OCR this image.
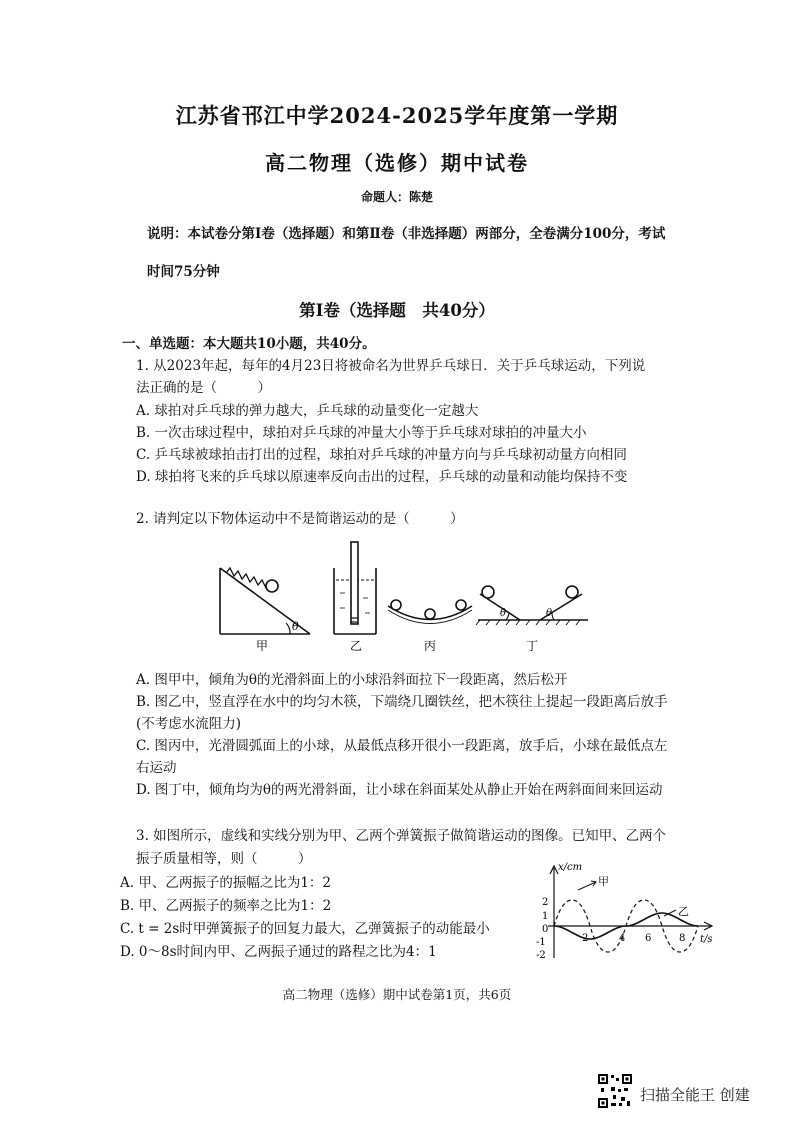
江苏省邗江中学2024-2025学年度第一学期
高二物理（选修）期中试卷
命题人：陈楚
说明：本试卷分第Ⅰ卷（选择题）和第Ⅱ卷（非选择题）两部分，全卷满分100分，考试
时间75分钟
第Ⅰ卷（选择题　共40分）
一、单选题：本大题共10小题，共40分。
1. 从2023年起，每年的4月23日将被命名为世界乒乓球日．关于乒乓球运动，下列说
法正确的是（　　　）
A. 球拍对乒乓球的弹力越大，乒乓球的动量变化一定越大
B. 一次击球过程中，球拍对乒乓球的冲量大小等于乒乓球对球拍的冲量大小
C. 乒乓球被球拍击打出的过程，球拍对乒乓球的冲量方向与乒乓球初动量方向相同
D. 球拍将飞来的乒乓球以原速率反向击出的过程，乒乓球的动量和动能均保持不变
2. 请判定以下物体运动中不是简谐运动的是（　　　）
θ
甲	乙	丙
θ	θ
丁
A. 图甲中，倾角为θ的光滑斜面上的小球沿斜面拉下一段距离，然后松开
B. 图乙中，竖直浮在水中的均匀木筷，下端绕几圈铁丝，把木筷往上提起一段距离后放手
(不考虑水流阻力)
C. 图丙中，光滑圆弧面上的小球，从最低点移开很小一段距离，放手后，小球在最低点左
右运动
D. 图丁中，倾角均为θ的两光滑斜面，让小球在斜面某处从静止开始在两斜面间来回运动
3. 如图所示，虚线和实线分别为甲、乙两个弹簧振子做简谐运动的图像。已知甲、乙两个
振子质量相等，则（　　　）
A. 甲、乙两振子的振幅之比为1：2
B. 甲、乙两振子的频率之比为1：2
C. t = 2s时甲弹簧振子的回复力最大，乙弹簧振子的动能最小
D. 0～8s时间内甲、乙两振子通过的路程之比为4：1
x/cm
t/s
2
1
0
-1
-2
2	4 6	8
甲
乙
高二物理（选修）期中试卷第1页，共6页
扫描全能王 创建
